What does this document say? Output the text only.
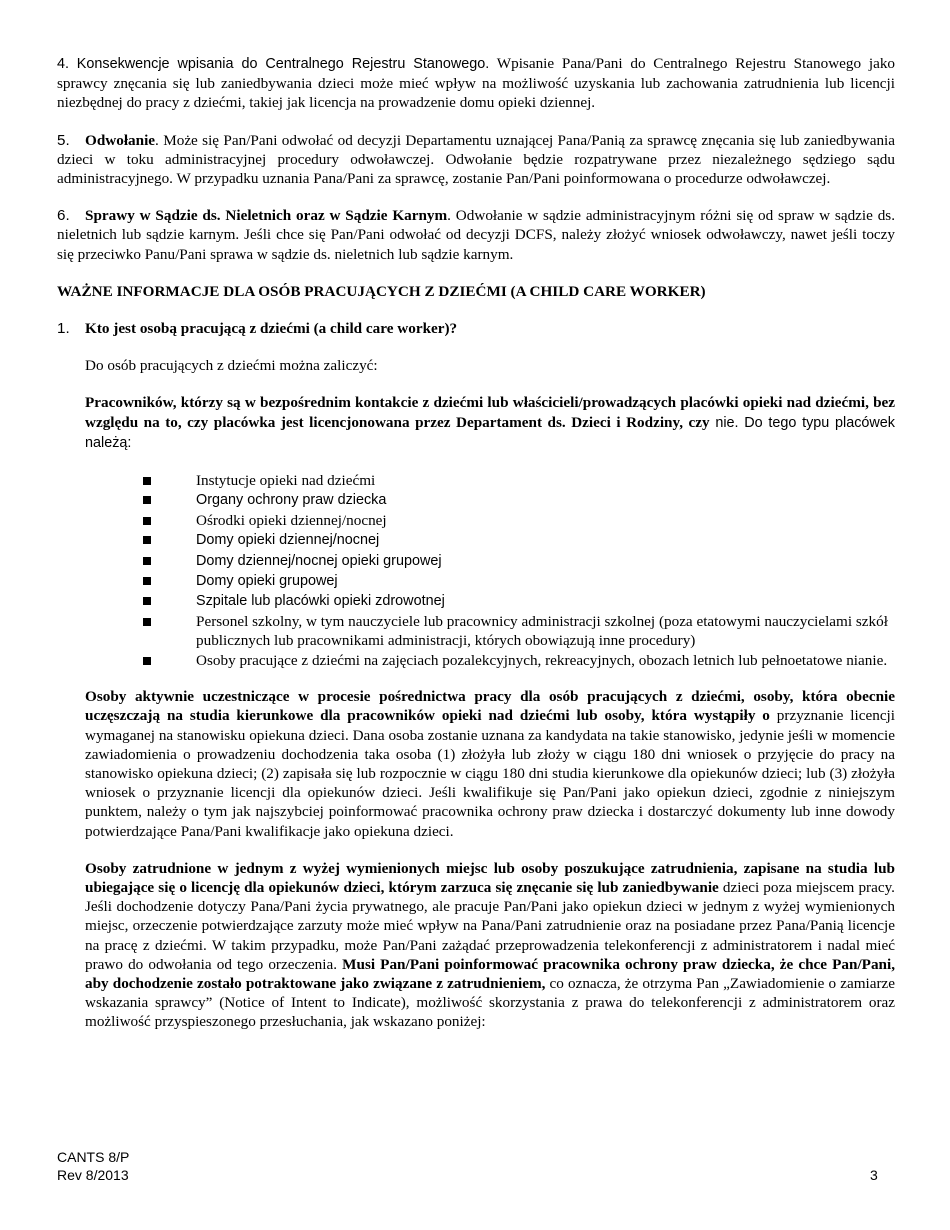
4. Konsekwencje wpisania do Centralnego Rejestru Stanowego. Wpisanie Pana/Pani do Centralnego Rejestru Stanowego jako sprawcy znęcania się lub zaniedbywania dzieci może mieć wpływ na możliwość uzyskania lub zachowania zatrudnienia lub licencji niezbędnej do pracy z dziećmi, takiej jak licencja na prowadzenie domu opieki dziennej.

5. Odwołanie. Może się Pan/Pani odwołać od decyzji Departamentu uznającej Pana/Panią za sprawcę znęcania się lub zaniedbywania dzieci w toku administracyjnej procedury odwoławczej. Odwołanie będzie rozpatrywane przez niezależnego sędziego sądu administracyjnego. W przypadku uznania Pana/Pani za sprawcę, zostanie Pan/Pani poinformowana o procedurze odwoławczej.

6. Sprawy w Sądzie ds. Nieletnich oraz w Sądzie Karnym. Odwołanie w sądzie administracyjnym różni się od spraw w sądzie ds. nieletnich lub sądzie karnym. Jeśli chce się Pan/Pani odwołać od decyzji DCFS, należy złożyć wniosek odwoławczy, nawet jeśli toczy się przeciwko Panu/Pani sprawa w sądzie ds. nieletnich lub sądzie karnym.

WAŻNE INFORMACJE DLA OSÓB PRACUJĄCYCH Z DZIEĆMI (A CHILD CARE WORKER)

1. Kto jest osobą pracującą z dziećmi (a child care worker)?

Do osób pracujących z dziećmi można zaliczyć:

Pracowników, którzy są w bezpośrednim kontakcie z dziećmi lub właścicieli/prowadzących placówki opieki nad dziećmi, bez względu na to, czy placówka jest licencjonowana przez Departament ds. Dzieci i Rodziny, czy nie. Do tego typu placówek należą:

Instytucje opieki nad dziećmi
Organy ochrony praw dziecka
Ośrodki opieki dziennej/nocnej
Domy opieki dziennej/nocnej
Domy dziennej/nocnej opieki grupowej
Domy opieki grupowej
Szpitale lub placówki opieki zdrowotnej
Personel szkolny, w tym nauczyciele lub pracownicy administracji szkolnej (poza etatowymi nauczycielami szkół publicznych lub pracownikami administracji, których obowiązują inne procedury)
Osoby pracujące z dziećmi na zajęciach pozalekcyjnych, rekreacyjnych, obozach letnich lub pełnoetatowe nianie.

Osoby aktywnie uczestniczące w procesie pośrednictwa pracy dla osób pracujących z dziećmi, osoby, która obecnie uczęszczają na studia kierunkowe dla pracowników opieki nad dziećmi lub osoby, która wystąpiły o przyznanie licencji wymaganej na stanowisku opiekuna dzieci. Dana osoba zostanie uznana za kandydata na takie stanowisko, jedynie jeśli w momencie zawiadomienia o prowadzeniu dochodzenia taka osoba (1) złożyła lub złoży w ciągu 180 dni wniosek o przyjęcie do pracy na stanowisko opiekuna dzieci; (2) zapisała się lub rozpocznie w ciągu 180 dni studia kierunkowe dla opiekunów dzieci; lub (3) złożyła wniosek o przyznanie licencji dla opiekunów dzieci. Jeśli kwalifikuje się Pan/Pani jako opiekun dzieci, zgodnie z niniejszym punktem, należy o tym jak najszybciej poinformować pracownika ochrony praw dziecka i dostarczyć dokumenty lub inne dowody potwierdzające Pana/Pani kwalifikacje jako opiekuna dzieci.

Osoby zatrudnione w jednym z wyżej wymienionych miejsc lub osoby poszukujące zatrudnienia, zapisane na studia lub ubiegające się o licencję dla opiekunów dzieci, którym zarzuca się znęcanie się lub zaniedbywanie dzieci poza miejscem pracy. Jeśli dochodzenie dotyczy Pana/Pani życia prywatnego, ale pracuje Pan/Pani jako opiekun dzieci w jednym z wyżej wymienionych miejsc, orzeczenie potwierdzające zarzuty może mieć wpływ na Pana/Pani zatrudnienie oraz na posiadane przez Pana/Panią licencje na pracę z dziećmi. W takim przypadku, może Pan/Pani zażądać przeprowadzenia telekonferencji z administratorem i nadal mieć prawo do odwołania od tego orzeczenia. Musi Pan/Pani poinformować pracownika ochrony praw dziecka, że chce Pan/Pani, aby dochodzenie zostało potraktowane jako związane z zatrudnieniem, co oznacza, że otrzyma Pan „Zawiadomienie o zamiarze wskazania sprawcy” (Notice of Intent to Indicate), możliwość skorzystania z prawa do telekonferencji z administratorem oraz możliwość przyspieszonego przesłuchania, jak wskazano poniżej:

CANTS 8/P
Rev 8/2013	3
